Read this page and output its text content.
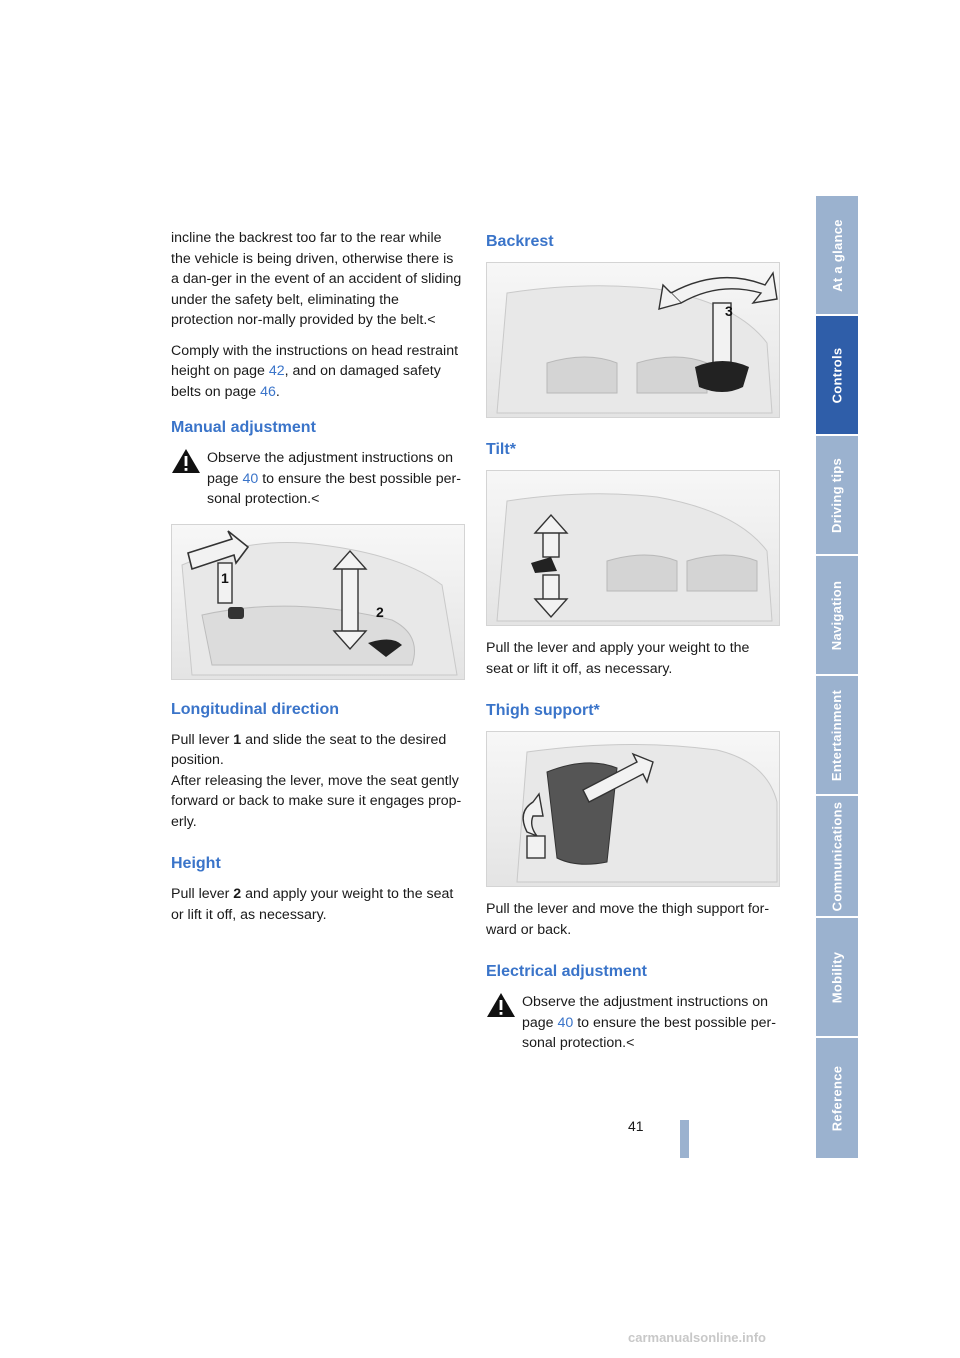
incline the backrest too far to the rear while the vehicle is being driven, otherwise there is a dan-ger in the event of an accident of sliding under the safety belt, eliminating the protection nor-mally provided by the belt.<

Comply with the instructions on head restraint height on page 42, and on damaged safety belts on page 46.

Manual adjustment
Observe the adjustment instructions on page 40 to ensure the best possible per-sonal protection.<
1
2
Longitudinal direction

Pull lever 1 and slide the seat to the desired position.

After releasing the lever, move the seat gently forward or back to make sure it engages prop-erly.

Height

Pull lever 2 and apply your weight to the seat or lift it off, as necessary.

Backrest
3
Tilt*

Pull the lever and apply your weight to the seat or lift it off, as necessary.

Thigh support*

Pull the lever and move the thigh support for-ward or back.

Electrical adjustment
Observe the adjustment instructions on page 40 to ensure the best possible per-sonal protection.<
At a glance
Controls
Driving tips
Navigation
Entertainment
Communications
Mobility
Reference
41
carmanualsonline.info
